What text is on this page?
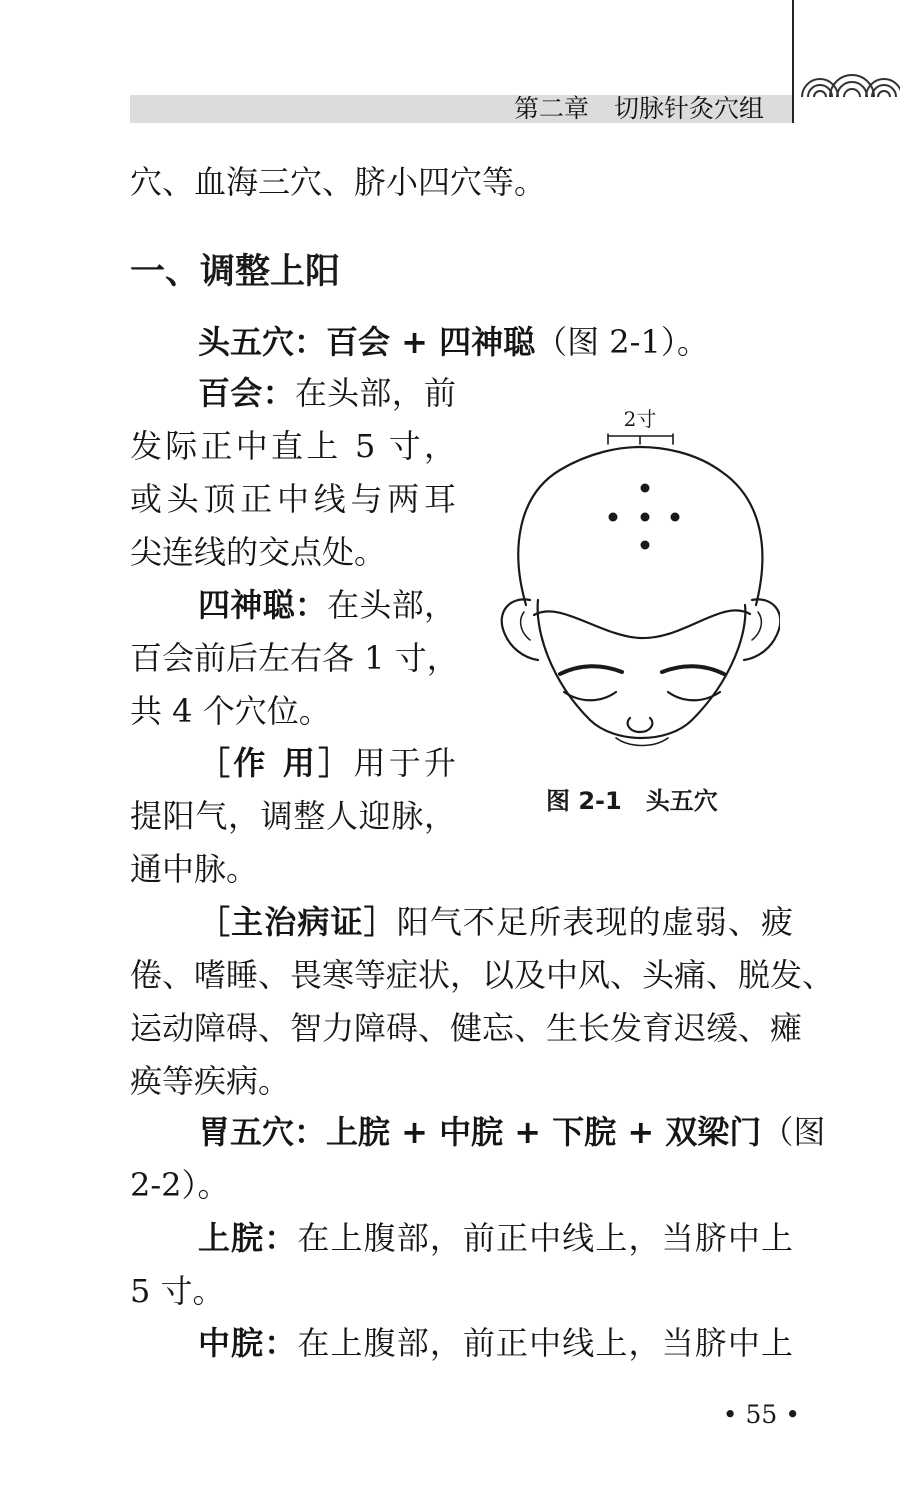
第二章　 切脉针灸穴组
穴、血海三穴、脐小四穴等。
一、调整上阳
头五穴：百会 + 四神聪（图 2-1）。
百会：在头部，前
发际正中直上 5 寸，
或头顶正中线与两耳
尖连线的交点处。
四神聪：在头部，
百会前后左右各 1 寸，
共 4 个穴位。
［作 用］用于升
提阳气，调整人迎脉，
通中脉。
2寸
图 2-1　头五穴
［主治病证］阳气不足所表现的虚弱、疲
倦、嗜睡、畏寒等症状，以及中风、头痛、脱发、
运动障碍、智力障碍、健忘、生长发育迟缓、瘫
痪等疾病。
胃五穴：上脘 + 中脘 + 下脘 + 双梁门（图
2-2）。
上脘：在上腹部，前正中线上，当脐中上
5 寸。
中脘：在上腹部，前正中线上，当脐中上
• 55 •
